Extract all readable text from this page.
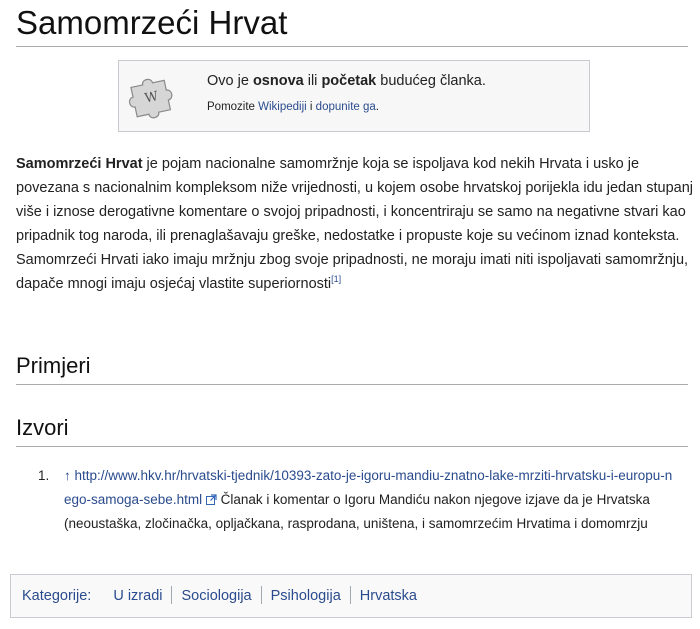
Samomrzeći Hrvat
W
Ovo je osnova ili početak budućeg članka.
Pomozite Wikipediji i dopunite ga.
Samomrzeći Hrvat je pojam nacionalne samomržnje koja se ispoljava kod nekih Hrvata i usko je povezana s nacionalnim kompleksom niže vrijednosti, u kojem osobe hrvatskoj porijekla idu jedan stupanj više i iznose derogativne komentare o svojoj pripadnosti, i koncentriraju se samo na negativne stvari kao pripadnik tog naroda, ili prenaglašavaju greške, nedostatke i propuste koje su većinom iznad konteksta. Samomrzeći Hrvati iako imaju mržnju zbog svoje pripadnosti, ne moraju imati niti ispoljavati samomržnju, dapače mnogi imaju osjećaj vlastite superiornosti[1]
Primjeri
Izvori
1. ↑ http://www.hkv.hr/hrvatski-tjednik/10393-zato-je-igoru-mandiu-znatno-lake-mrziti-hrvatsku-i-europu-nego-samoga-sebe.html  Članak i komentar o Igoru Mandiću nakon njegove izjave da je Hrvatska (neoustaška, zločinačka, opljačkana, rasprodana, uništena, i samomrzećim Hrvatima i domomrzju
Kategorije: U izradi Sociologija Psihologija Hrvatska
